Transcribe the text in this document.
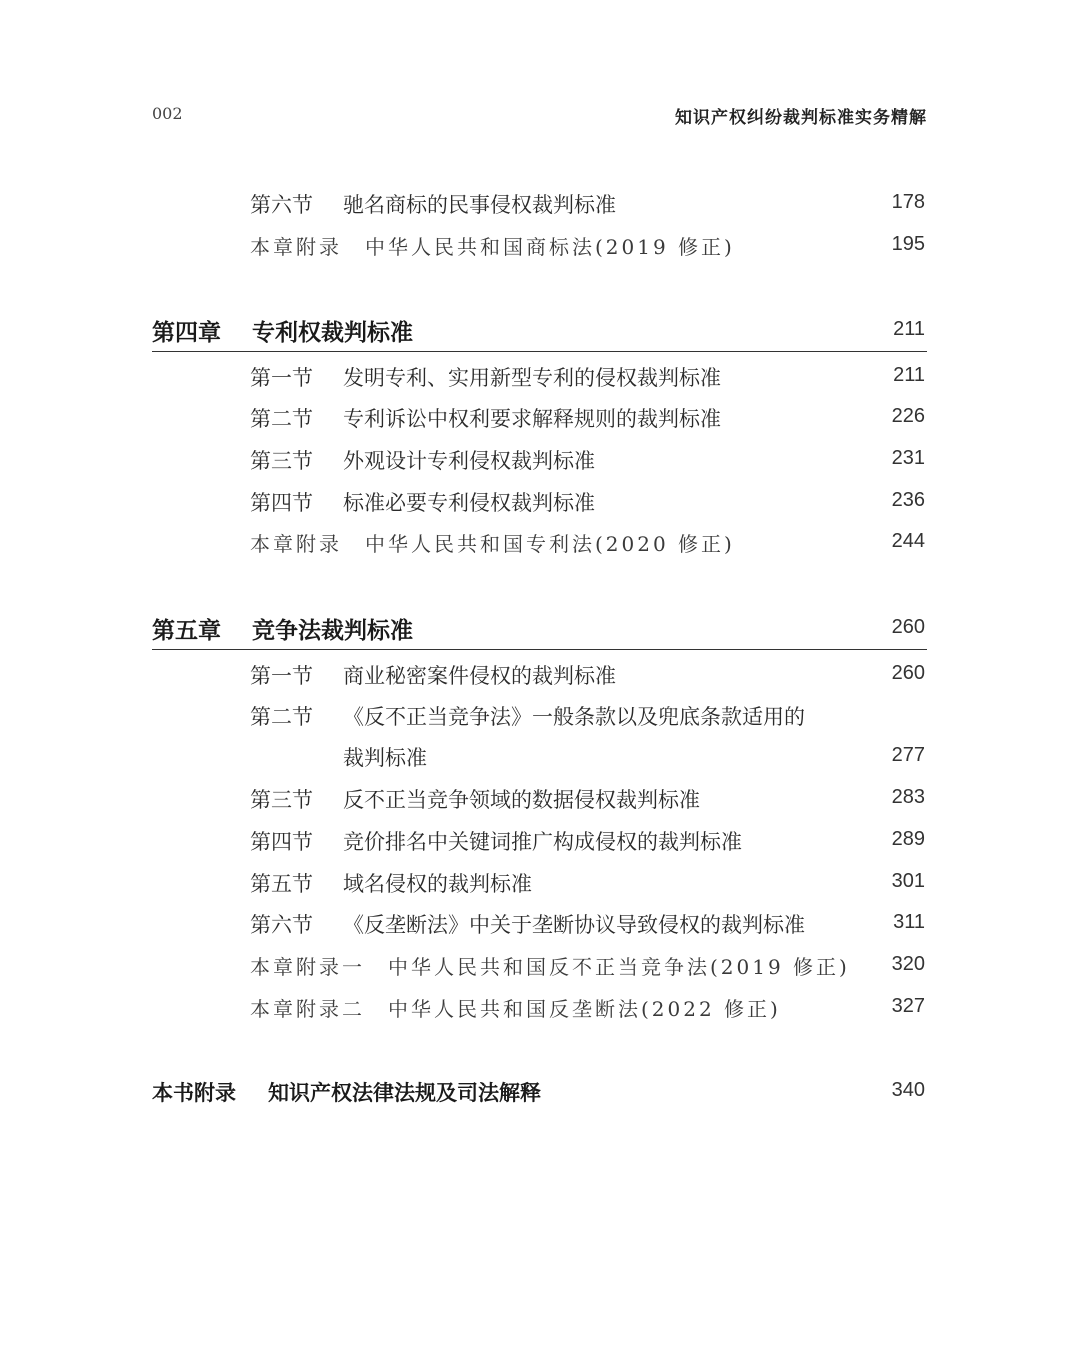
002	知识产权纠纷裁判标准实务精解
第六节 驰名商标的民事侵权裁判标准	178
本章附录　中华人民共和国商标法(2019 修正)	195
第四章 专利权裁判标准	211
第一节 发明专利、实用新型专利的侵权裁判标准	211
第二节 专利诉讼中权利要求解释规则的裁判标准	226
第三节 外观设计专利侵权裁判标准	231
第四节 标准必要专利侵权裁判标准	236
本章附录　中华人民共和国专利法(2020 修正)	244
第五章 竞争法裁判标准	260
第一节 商业秘密案件侵权的裁判标准	260
第二节 《反不正当竞争法》一般条款以及兜底条款适用的
裁判标准	277
第三节 反不正当竞争领域的数据侵权裁判标准	283
第四节 竞价排名中关键词推广构成侵权的裁判标准	289
第五节 域名侵权的裁判标准	301
第六节 《反垄断法》中关于垄断协议导致侵权的裁判标准	311
本章附录一　中华人民共和国反不正当竞争法(2019 修正) 320
本章附录二　中华人民共和国反垄断法(2022 修正)	327
本书附录 知识产权法律法规及司法解释	340
